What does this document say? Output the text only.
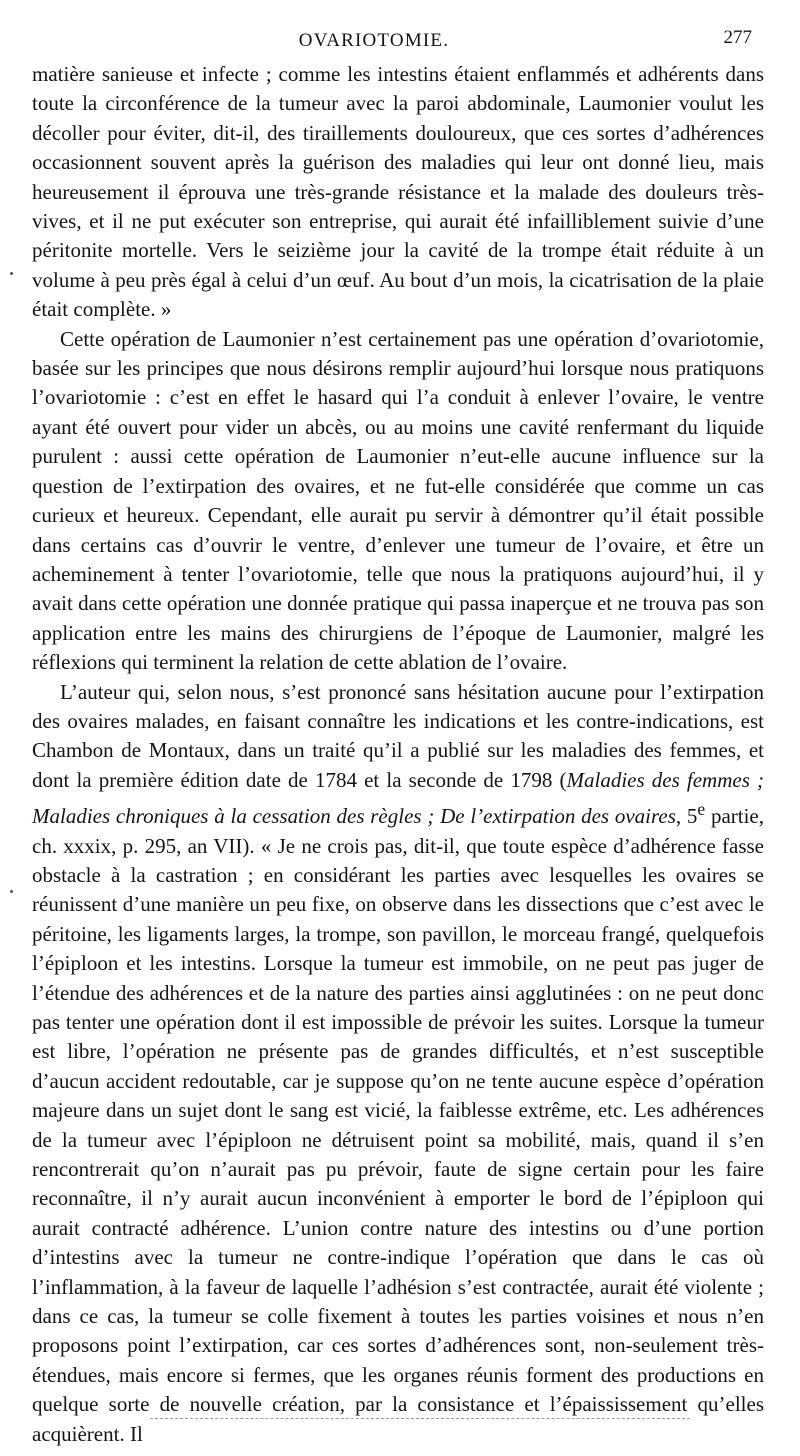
OVARIOTOMIE.	277

matière sanieuse et infecte ; comme les intestins étaient enflammés et adhérents dans toute la circonférence de la tumeur avec la paroi abdominale, Laumonier voulut les décoller pour éviter, dit-il, des tiraillements douloureux, que ces sortes d’adhérences occasionnent souvent après la guérison des maladies qui leur ont donné lieu, mais heureusement il éprouva une très-grande résistance et la malade des douleurs très-vives, et il ne put exécuter son entreprise, qui aurait été infailliblement suivie d’une péritonite mortelle. Vers le seizième jour la cavité de la trompe était réduite à un volume à peu près égal à celui d’un œuf. Au bout d’un mois, la cicatrisation de la plaie était complète. »

Cette opération de Laumonier n’est certainement pas une opération d’ovariotomie, basée sur les principes que nous désirons remplir aujourd’hui lorsque nous pratiquons l’ovariotomie : c’est en effet le hasard qui l’a conduit à enlever l’ovaire, le ventre ayant été ouvert pour vider un abcès, ou au moins une cavité renfermant du liquide purulent : aussi cette opération de Laumonier n’eut-elle aucune influence sur la question de l’extirpation des ovaires, et ne fut-elle considérée que comme un cas curieux et heureux. Cependant, elle aurait pu servir à démontrer qu’il était possible dans certains cas d’ouvrir le ventre, d’enlever une tumeur de l’ovaire, et être un acheminement à tenter l’ovariotomie, telle que nous la pratiquons aujourd’hui, il y avait dans cette opération une donnée pratique qui passa inaperçue et ne trouva pas son application entre les mains des chirurgiens de l’époque de Laumonier, malgré les réflexions qui terminent la relation de cette ablation de l’ovaire.

L’auteur qui, selon nous, s’est prononcé sans hésitation aucune pour l’extirpation des ovaires malades, en faisant connaître les indications et les contre-indications, est Chambon de Montaux, dans un traité qu’il a publié sur les maladies des femmes, et dont la première édition date de 1784 et la seconde de 1798 (Maladies des femmes ; Maladies chroniques à la cessation des règles ; De l’extirpation des ovaires, 5e partie, ch. xxxix, p. 295, an VII). « Je ne crois pas, dit-il, que toute espèce d’adhérence fasse obstacle à la castration ; en considérant les parties avec lesquelles les ovaires se réunissent d’une manière un peu fixe, on observe dans les dissections que c’est avec le péritoine, les ligaments larges, la trompe, son pavillon, le morceau frangé, quelquefois l’épiploon et les intestins. Lorsque la tumeur est immobile, on ne peut pas juger de l’étendue des adhérences et de la nature des parties ainsi agglutinées : on ne peut donc pas tenter une opération dont il est impossible de prévoir les suites. Lorsque la tumeur est libre, l’opération ne présente pas de grandes difficultés, et n’est susceptible d’aucun accident redoutable, car je suppose qu’on ne tente aucune espèce d’opération majeure dans un sujet dont le sang est vicié, la faiblesse extrême, etc. Les adhérences de la tumeur avec l’épiploon ne détruisent point sa mobilité, mais, quand il s’en rencontrerait qu’on n’aurait pas pu prévoir, faute de signe certain pour les faire reconnaître, il n’y aurait aucun inconvénient à emporter le bord de l’épiploon qui aurait contracté adhérence. L’union contre nature des intestins ou d’une portion d’intestins avec la tumeur ne contre-indique l’opération que dans le cas où l’inflammation, à la faveur de laquelle l’adhésion s’est contractée, aurait été violente ; dans ce cas, la tumeur se colle fixement à toutes les parties voisines et nous n’en proposons point l’extirpation, car ces sortes d’adhérences sont, non-seulement très-étendues, mais encore si fermes, que les organes réunis forment des productions en quelque sorte de nouvelle création, par la consistance et l’épaississement qu’elles acquièrent. Il
